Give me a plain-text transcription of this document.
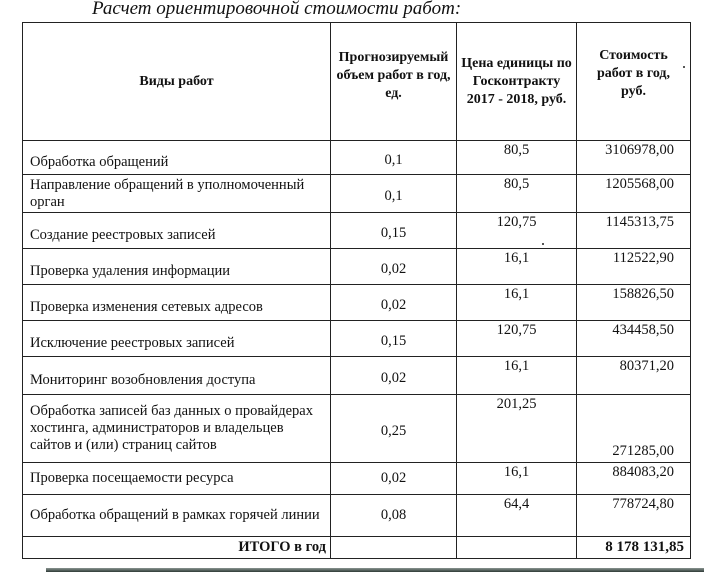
Расчет ориентировочной стоимости работ:
Виды работ	Прогнозируемый объем работ в год, ед.	Цена единицы по Госконтракту 2017 - 2018, руб.	Стоимость работ в год, руб.
Обработка обращений	0,1	80,5	3106978,00
Направление обращений в уполномоченный орган	0,1	80,5	1205568,00
Создание реестровых записей	0,15	120,75	1145313,75
Проверка удаления информации	0,02	16,1	112522,90
Проверка изменения сетевых адресов	0,02	16,1	158826,50
Исключение реестровых записей	0,15	120,75	434458,50
Мониторинг возобновления доступа	0,02	16,1	80371,20
Обработка записей баз данных о провайдерах хостинга, администраторов и владельцев сайтов и (или) страниц сайтов	0,25	201,25	271285,00
Проверка посещаемости ресурса	0,02	16,1	884083,20
Обработка обращений в рамках горячей линии	0,08	64,4	778724,80
ИТОГО в год			8 178 131,85
